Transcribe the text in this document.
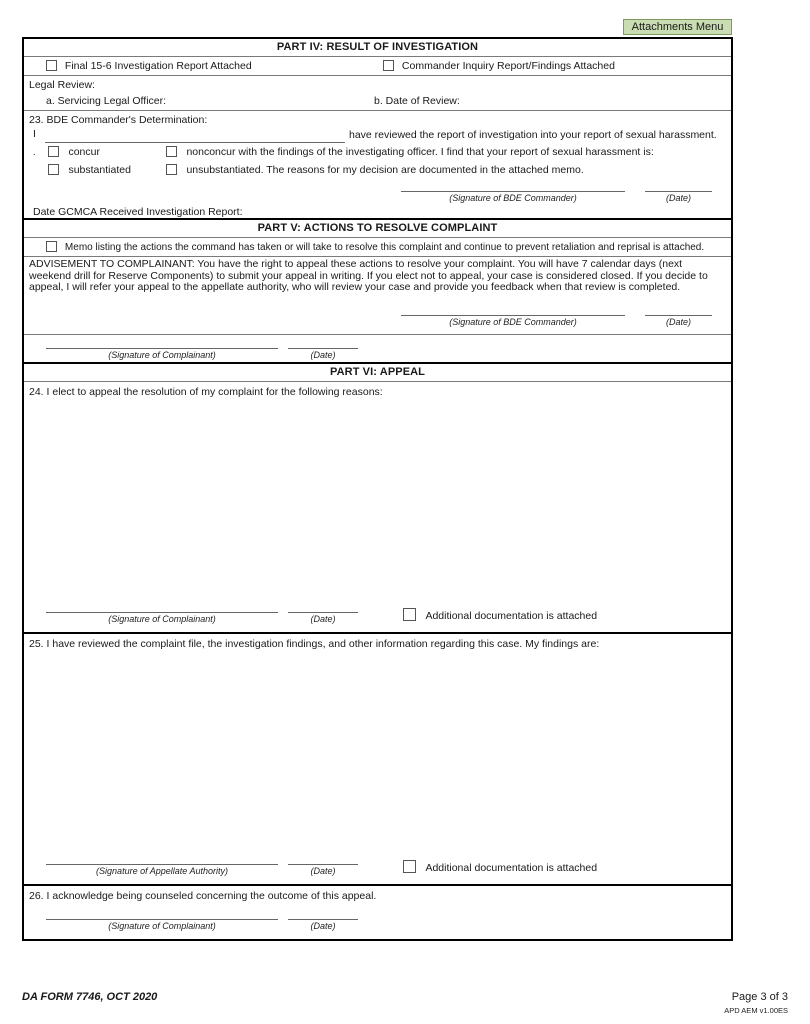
Attachments Menu
PART IV: RESULT OF INVESTIGATION
Final 15-6 Investigation Report Attached	Commander Inquiry Report/Findings Attached
Legal Review:
a. Servicing Legal Officer:	b. Date of Review:
23. BDE Commander's Determination:
I	have reviewed the report of investigation into your report of sexual harassment.
.	concur	nonconcur with the findings of the investigating officer. I find that your report of sexual harassment is:
substantiated	unsubstantiated. The reasons for my decision are documented in the attached memo.
(Signature of BDE Commander)	(Date)
Date GCMCA Received Investigation Report:
PART V: ACTIONS TO RESOLVE COMPLAINT
Memo listing the actions the command has taken or will take to resolve this complaint and continue to prevent retaliation and reprisal is attached.
ADVISEMENT TO COMPLAINANT: You have the right to appeal these actions to resolve your complaint. You will have 7 calendar days (next
weekend drill for Reserve Components) to submit your appeal in writing. If you elect not to appeal, your case is considered closed. If you decide to
appeal, I will refer your appeal to the appellate authority, who will review your case and provide you feedback when that review is completed.
(Signature of BDE Commander)	(Date)
(Signature of Complainant)	(Date)
PART VI: APPEAL
24. I elect to appeal the resolution of my complaint for the following reasons:
(Signature of Complainant)	(Date)	Additional documentation is attached
25. I have reviewed the complaint file, the investigation findings, and other information regarding this case. My findings are:
(Signature of Appellate Authority)	(Date)	Additional documentation is attached
26. I acknowledge being counseled concerning the outcome of this appeal.
(Signature of Complainant)	(Date)
DA FORM 7746, OCT 2020	Page 3 of 3
APD AEM v1.00ES
